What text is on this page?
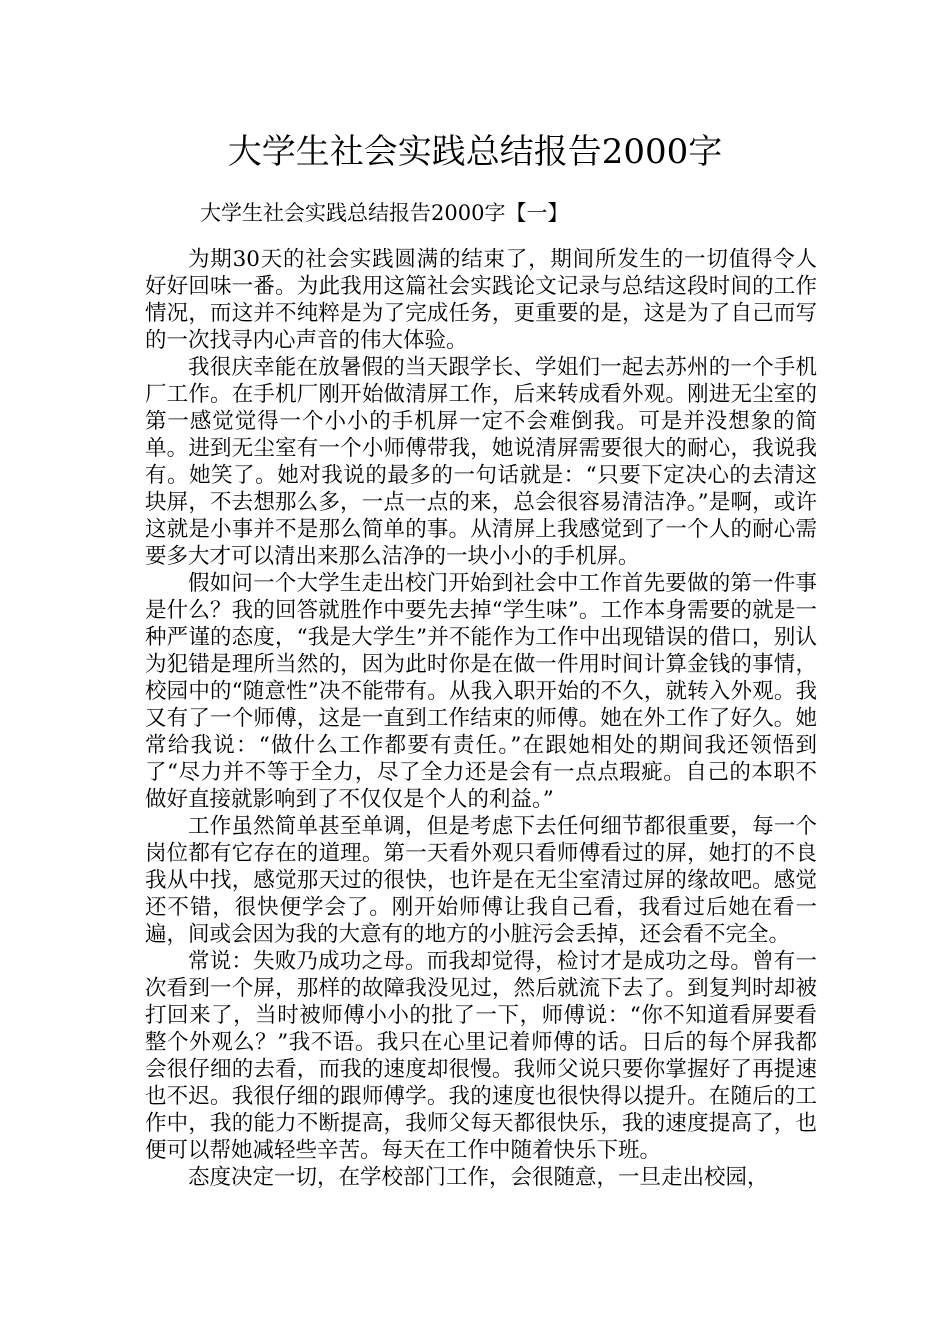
大学生社会实践总结报告2000字

大学生社会实践总结报告2000字【一】

为期30天的社会实践圆满的结束了，期间所发生的一切值得令人好好回味一番。为此我用这篇社会实践论文记录与总结这段时间的工作情况，而这并不纯粹是为了完成任务，更重要的是，这是为了自己而写的一次找寻内心声音的伟大体验。

我很庆幸能在放暑假的当天跟学长、学姐们一起去苏州的一个手机厂工作。在手机厂刚开始做清屏工作，后来转成看外观。刚进无尘室的第一感觉觉得一个小小的手机屏一定不会难倒我。可是并没想象的简单。进到无尘室有一个小师傅带我，她说清屏需要很大的耐心，我说我有。她笑了。她对我说的最多的一句话就是：“只要下定决心的去清这块屏，不去想那么多，一点一点的来，总会很容易清洁净。”是啊，或许这就是小事并不是那么简单的事。从清屏上我感觉到了一个人的耐心需要多大才可以清出来那么洁净的一块小小的手机屏。

假如问一个大学生走出校门开始到社会中工作首先要做的第一件事是什么？我的回答就胜作中要先去掉“学生味”。工作本身需要的就是一种严谨的态度，“我是大学生”并不能作为工作中出现错误的借口，别认为犯错是理所当然的，因为此时你是在做一件用时间计算金钱的事情，校园中的“随意性”决不能带有。从我入职开始的不久，就转入外观。我又有了一个师傅，这是一直到工作结束的师傅。她在外工作了好久。她常给我说：“做什么工作都要有责任。”在跟她相处的期间我还领悟到了“尽力并不等于全力，尽了全力还是会有一点点瑕疵。自己的本职不做好直接就影响到了不仅仅是个人的利益。”

工作虽然简单甚至单调，但是考虑下去任何细节都很重要，每一个岗位都有它存在的道理。第一天看外观只看师傅看过的屏，她打的不良我从中找，感觉那天过的很快，也许是在无尘室清过屏的缘故吧。感觉还不错，很快便学会了。刚开始师傅让我自己看，我看过后她在看一遍，间或会因为我的大意有的地方的小脏污会丢掉，还会看不完全。

常说：失败乃成功之母。而我却觉得，检讨才是成功之母。曾有一次看到一个屏，那样的故障我没见过，然后就流下去了。到复判时却被打回来了，当时被师傅小小的批了一下，师傅说：“你不知道看屏要看整个外观么？”我不语。我只在心里记着师傅的话。日后的每个屏我都会很仔细的去看，而我的速度却很慢。我师父说只要你掌握好了再提速也不迟。我很仔细的跟师傅学。我的速度也很快得以提升。在随后的工作中，我的能力不断提高，我师父每天都很快乐，我的速度提高了，也便可以帮她减轻些辛苦。每天在工作中随着快乐下班。

态度决定一切，在学校部门工作，会很随意，一旦走出校园，
